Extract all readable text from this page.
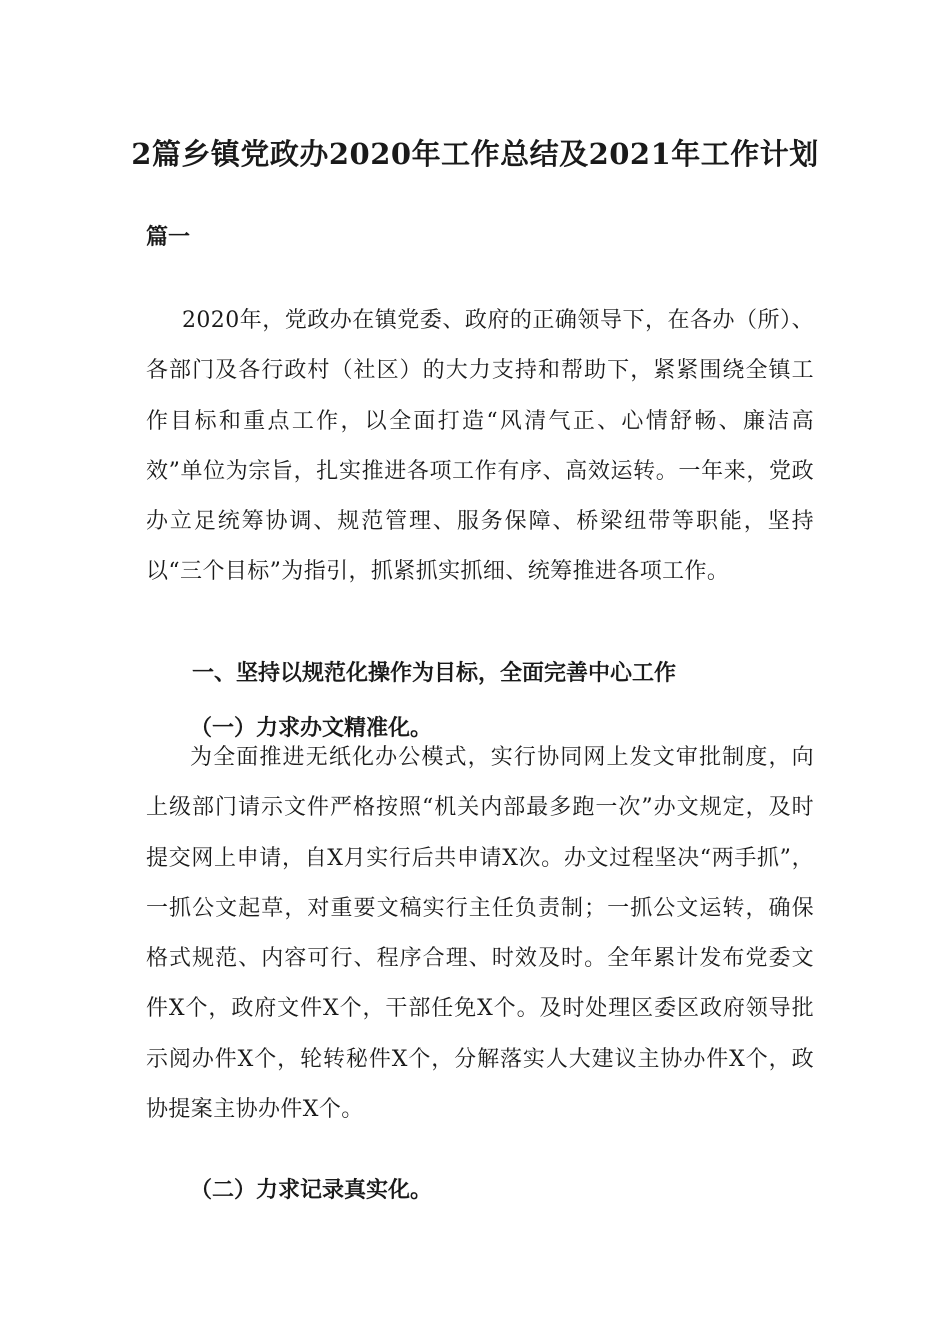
2篇乡镇党政办2020年工作总结及2021年工作计划
篇一

2020年，党政办在镇党委、政府的正确领导下，在各办（所）、各部门及各行政村（社区）的大力支持和帮助下，紧紧围绕全镇工作目标和重点工作，以全面打造“风清气正、心情舒畅、廉洁高效”单位为宗旨，扎实推进各项工作有序、高效运转。一年来，党政办立足统筹协调、规范管理、服务保障、桥梁纽带等职能，坚持以“三个目标”为指引，抓紧抓实抓细、统筹推进各项工作。

一、坚持以规范化操作为目标，全面完善中心工作
（一）力求办文精准化。

为全面推进无纸化办公模式，实行协同网上发文审批制度，向上级部门请示文件严格按照“机关内部最多跑一次”办文规定，及时提交网上申请，自X月实行后共申请X次。办文过程坚决“两手抓”，一抓公文起草，对重要文稿实行主任负责制；一抓公文运转，确保格式规范、内容可行、程序合理、时效及时。全年累计发布党委文件X个，政府文件X个，干部任免X个。及时处理区委区政府领导批示阅办件X个，轮转秘件X个，分解落实人大建议主协办件X个，政协提案主协办件X个。

（二）力求记录真实化。
